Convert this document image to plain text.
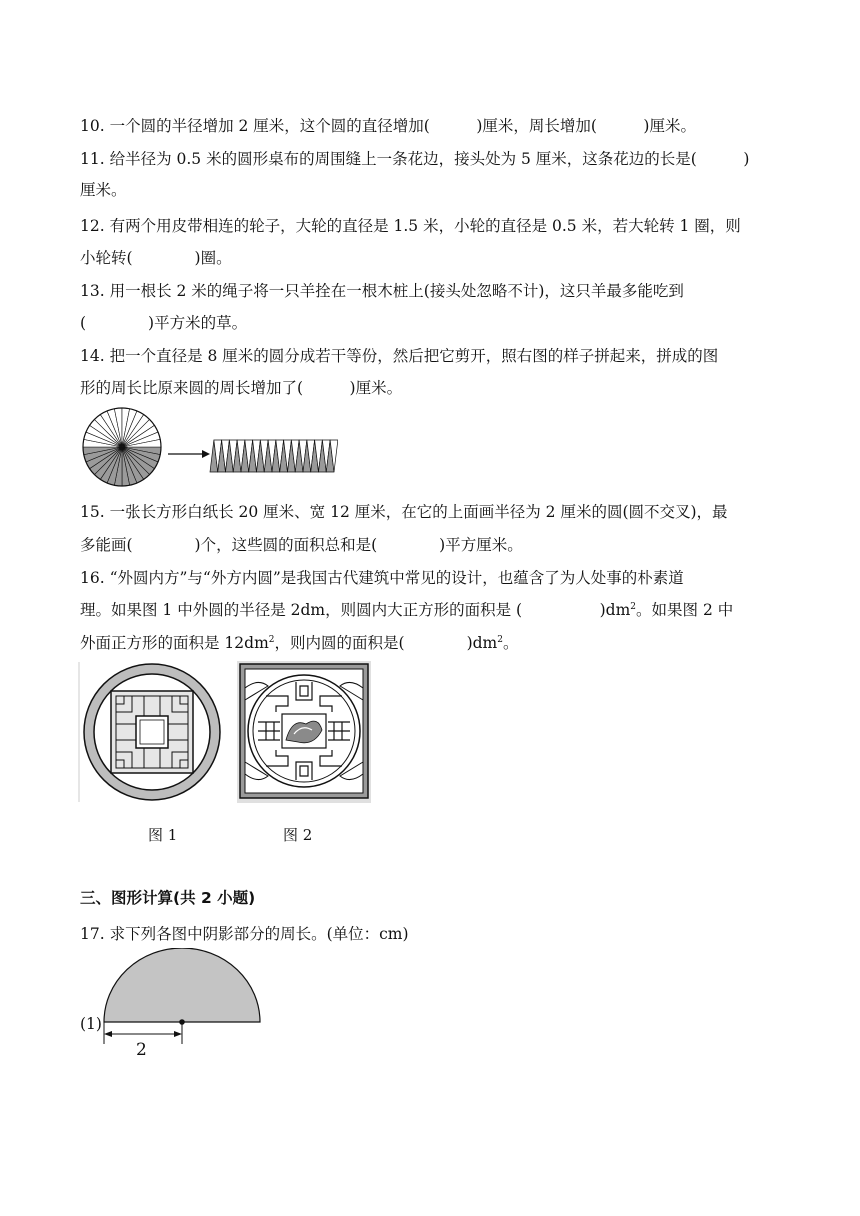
10. 一个圆的半径增加 2 厘米，这个圆的直径增加(　　　)厘米，周长增加(　　　)厘米。
11. 给半径为 0.5 米的圆形桌布的周围缝上一条花边，接头处为 5 厘米，这条花边的长是(　　　)
厘米。
12. 有两个用皮带相连的轮子，大轮的直径是 1.5 米，小轮的直径是 0.5 米，若大轮转 1 圈，则
小轮转(　　　　)圈。
13. 用一根长 2 米的绳子将一只羊拴在一根木桩上(接头处忽略不计)，这只羊最多能吃到
(　　　　)平方米的草。
14. 把一个直径是 8 厘米的圆分成若干等份，然后把它剪开，照右图的样子拼起来，拼成的图
形的周长比原来圆的周长增加了(　　　)厘米。
15. 一张长方形白纸长 20 厘米、宽 12 厘米，在它的上面画半径为 2 厘米的圆(圆不交叉)，最
多能画(　　　　)个，这些圆的面积总和是(　　　　)平方厘米。
16. “外圆内方”与“外方内圆”是我国古代建筑中常见的设计，也蕴含了为人处事的朴素道
理。如果图 1 中外圆的半径是 2dm，则圆内大正方形的面积是 (　　　　　)$dm^2$。如果图 2 中
外面正方形的面积是 $12dm^2$，则内圆的面积是(　　　　)$dm^2$。
图 1	图 2
三、图形计算(共 2 小题)
17. 求下列各图中阴影部分的周长。(单位：cm)
(1)
2
